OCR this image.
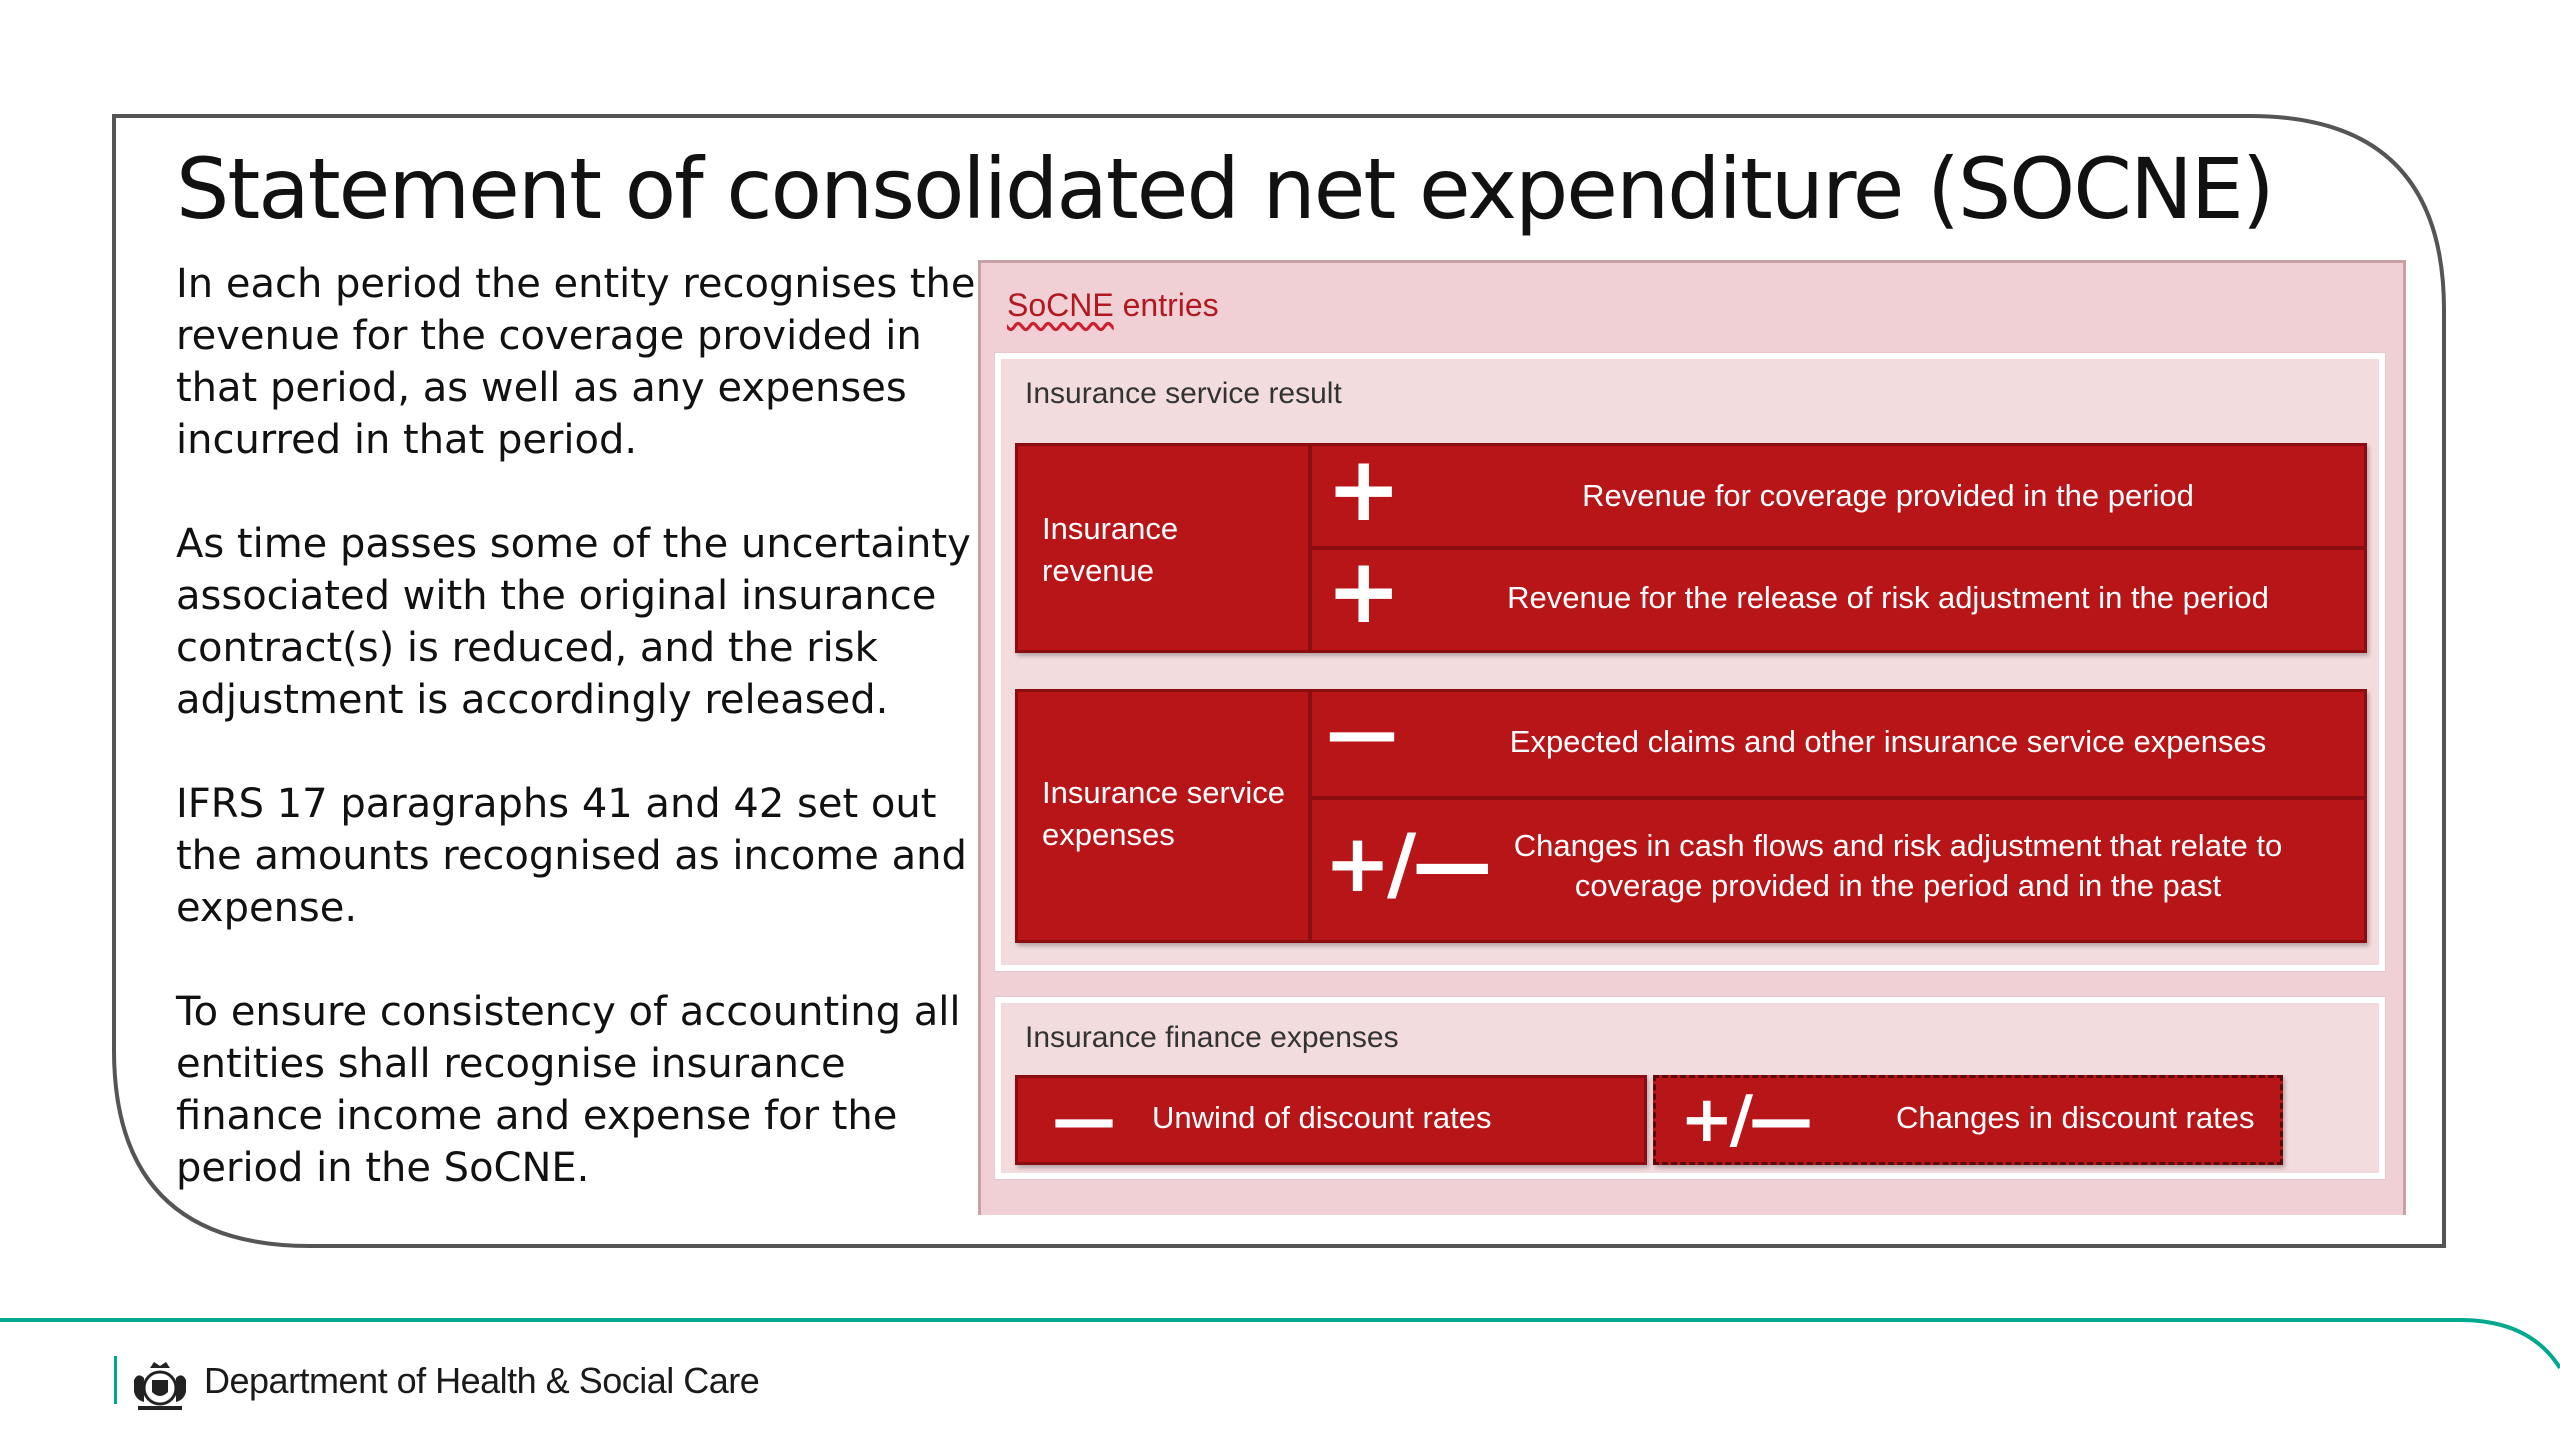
Statement of consolidated net expenditure (SOCNE)

In each period the entity recognises the revenue for the coverage provided in that period, as well as any expenses incurred in that period.

As time passes some of the uncertainty associated with the original insurance contract(s) is reduced, and the risk adjustment is accordingly released.

IFRS 17 paragraphs 41 and 42 set out the amounts recognised as income and expense.

To ensure consistency of accounting all entities shall recognise insurance finance income and expense for the period in the SoCNE.

SoCNE entries
Insurance service result
Insurance revenue
+	Revenue for coverage provided in the period
+	Revenue for the release of risk adjustment in the period
Insurance service expenses
—	Expected claims and other insurance service expenses
+/— Changes in cash flows and risk adjustment that relate to coverage provided in the period and in the past
Insurance finance expenses
— Unwind of discount rates	+/—	Changes in discount rates
Department of Health & Social Care
